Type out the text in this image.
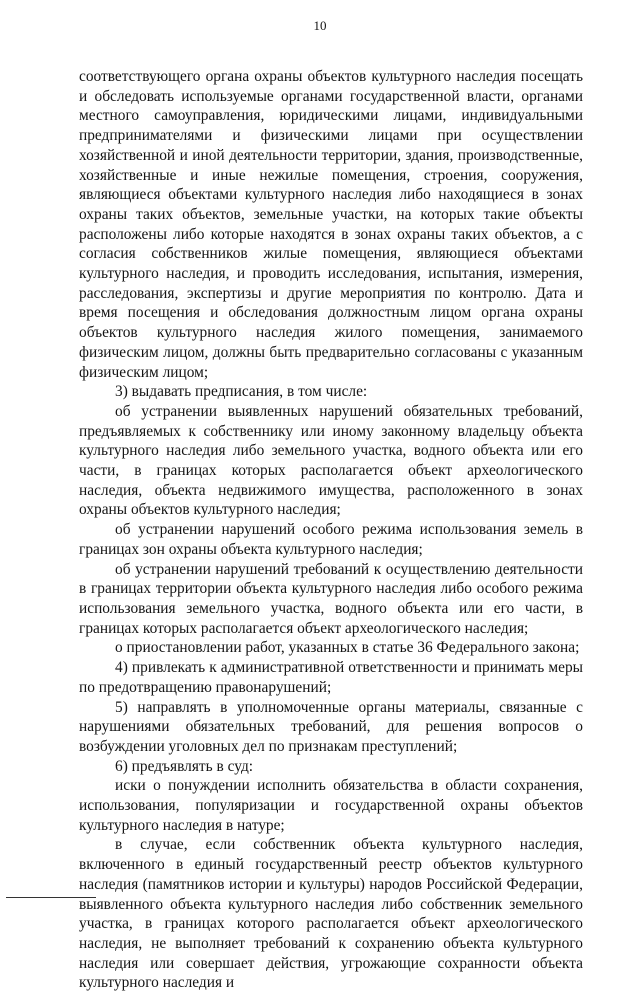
10

соответствующего органа охраны объектов культурного наследия посещать и обследовать используемые органами государственной власти, органами местного самоуправления, юридическими лицами, индивидуальными предпринимателями и физическими лицами при осуществлении хозяйственной и иной деятельности территории, здания, производственные, хозяйственные и иные нежилые помещения, строения, сооружения, являющиеся объектами культурного наследия либо находящиеся в зонах охраны таких объектов, земельные участки, на которых такие объекты расположены либо которые находятся в зонах охраны таких объектов, а с согласия собственников жилые помещения, являющиеся объектами культурного наследия, и проводить исследования, испытания, измерения, расследования, экспертизы и другие мероприятия по контролю. Дата и время посещения и обследования должностным лицом органа охраны объектов культурного наследия жилого помещения, занимаемого физическим лицом, должны быть предварительно согласованы с указанным физическим лицом;

3) выдавать предписания, в том числе:

об устранении выявленных нарушений обязательных требований, предъявляемых к собственнику или иному законному владельцу объекта культурного наследия либо земельного участка, водного объекта или его части, в границах которых располагается объект археологического наследия, объекта недвижимого имущества, расположенного в зонах охраны объектов культурного наследия;

об устранении нарушений особого режима использования земель в границах зон охраны объекта культурного наследия;

об устранении нарушений требований к осуществлению деятельности в границах территории объекта культурного наследия либо особого режима использования земельного участка, водного объекта или его части, в границах которых располагается объект археологического наследия;

о приостановлении работ, указанных в статье 36 Федерального закона;

4) привлекать к административной ответственности и принимать меры по предотвращению правонарушений;

5) направлять в уполномоченные органы материалы, связанные с нарушениями обязательных требований, для решения вопросов о возбуждении уголовных дел по признакам преступлений;

6) предъявлять в суд:

иски о понуждении исполнить обязательства в области сохранения, использования, популяризации и государственной охраны объектов культурного наследия в натуре;

в случае, если собственник объекта культурного наследия, включенного в единый государственный реестр объектов культурного наследия (памятников истории и культуры) народов Российской Федерации, выявленного объекта культурного наследия либо собственник земельного участка, в границах которого располагается объект археологического наследия, не выполняет требований к сохранению объекта культурного наследия или совершает действия, угрожающие сохранности объекта культурного наследия и
